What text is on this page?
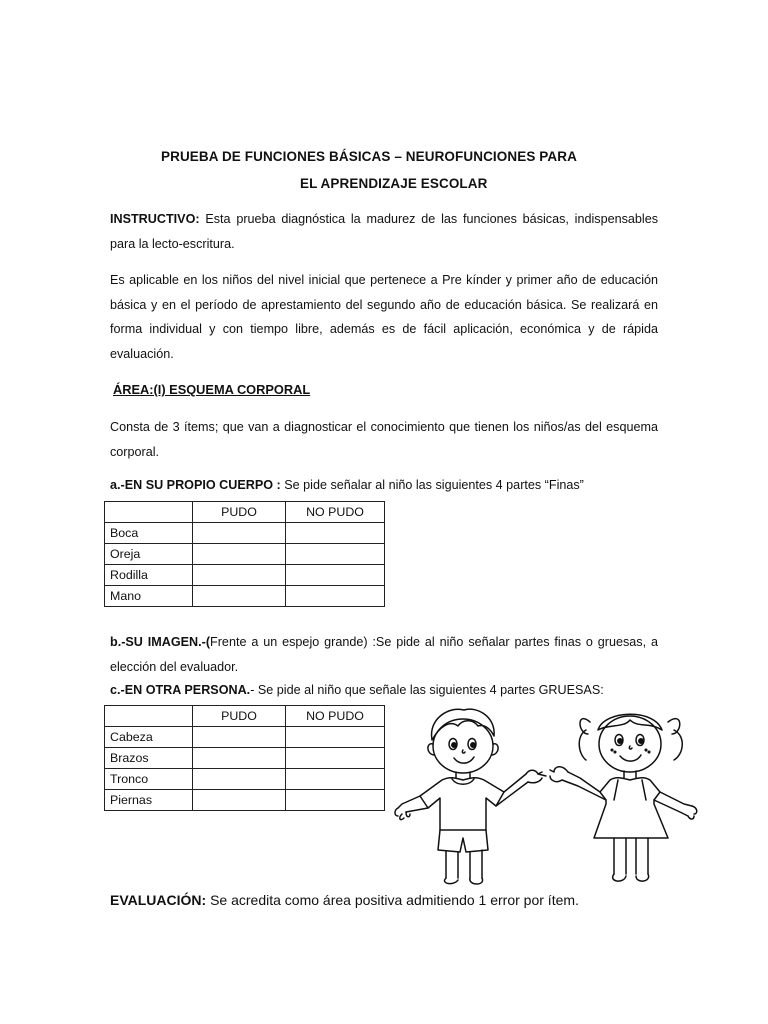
PRUEBA DE FUNCIONES BÁSICAS – NEUROFUNCIONES PARA
EL APRENDIZAJE ESCOLAR
INSTRUCTIVO: Esta prueba diagnóstica la madurez de las funciones básicas, indispensables para la lecto-escritura.
Es aplicable en los niños del nivel inicial que pertenece a Pre kínder y primer año de educación básica y en el período de aprestamiento del segundo año de educación básica. Se realizará en forma individual y con tiempo libre, además es de fácil aplicación, económica y de rápida evaluación.
ÁREA:(I) ESQUEMA CORPORAL
Consta de 3 ítems; que van a diagnosticar el conocimiento que tienen los niños/as del esquema corporal.
a.-EN SU PROPIO CUERPO : Se pide señalar al niño las siguientes 4 partes “Finas”
	PUDO	NO PUDO
Boca		
Oreja		
Rodilla		
Mano		
b.-SU IMAGEN.-(Frente a un espejo grande) :Se pide al niño señalar partes finas o gruesas, a elección del evaluador.
c.-EN OTRA PERSONA.- Se pide al niño que señale las siguientes 4 partes GRUESAS:
	PUDO	NO PUDO
Cabeza		
Brazos		
Tronco		
Piernas		
EVALUACIÓN: Se acredita como área positiva admitiendo 1 error por ítem.
